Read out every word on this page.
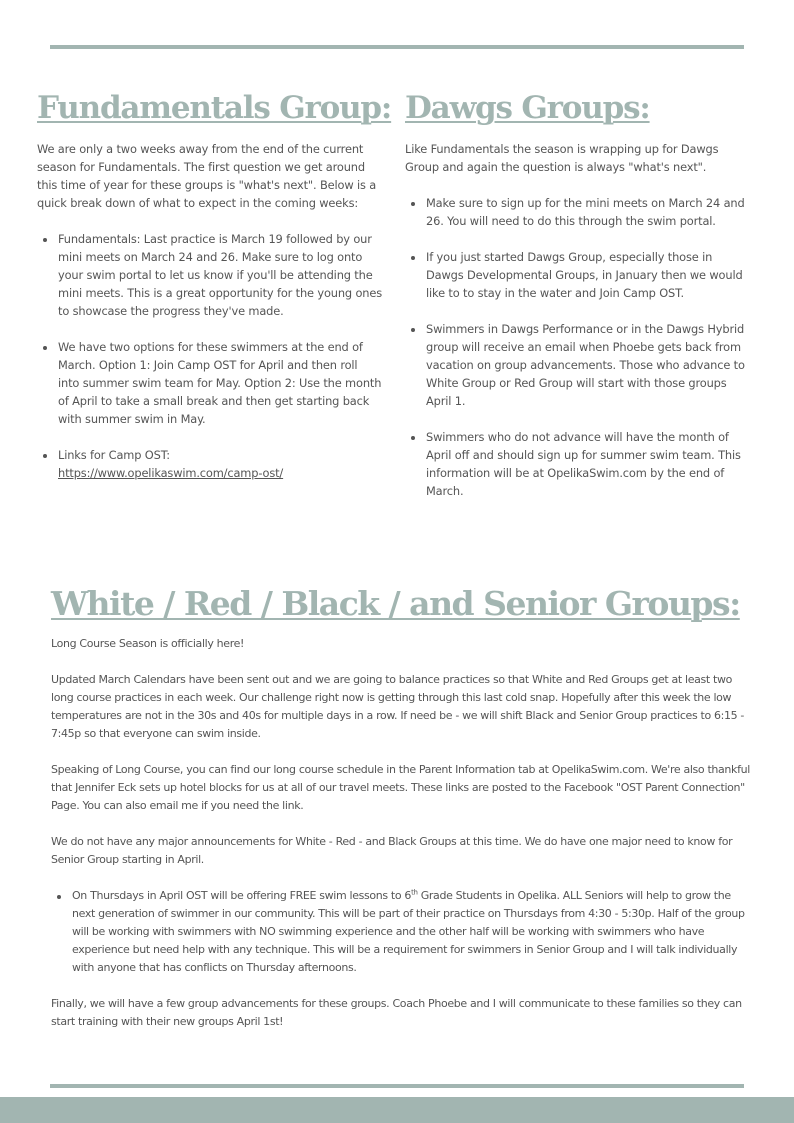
Fundamentals Group:

We are only a two weeks away from the end of the current season for Fundamentals. The first question we get around this time of year for these groups is "what's next". Below is a quick break down of what to expect in the coming weeks:

Fundamentals: Last practice is March 19 followed by our mini meets on March 24 and 26. Make sure to log onto your swim portal to let us know if you'll be attending the mini meets. This is a great opportunity for the young ones to showcase the progress they've made.
We have two options for these swimmers at the end of March. Option 1: Join Camp OST for April and then roll into summer swim team for May. Option 2: Use the month of April to take a small break and then get starting back with summer swim in May.
Links for Camp OST:
https://www.opelikaswim.com/camp-ost/
Dawgs Groups:

Like Fundamentals the season is wrapping up for Dawgs Group and again the question is always "what's next".

Make sure to sign up for the mini meets on March 24 and 26. You will need to do this through the swim portal.
If you just started Dawgs Group, especially those in Dawgs Developmental Groups, in January then we would like to to stay in the water and Join Camp OST.
Swimmers in Dawgs Performance or in the Dawgs Hybrid group will receive an email when Phoebe gets back from vacation on group advancements. Those who advance to White Group or Red Group will start with those groups April 1.
Swimmers who do not advance will have the month of April off and should sign up for summer swim team. This information will be at OpelikaSwim.com by the end of March.
White / Red / Black / and Senior Groups:

Long Course Season is officially here!

Updated March Calendars have been sent out and we are going to balance practices so that White and Red Groups get at least two long course practices in each week. Our challenge right now is getting through this last cold snap. Hopefully after this week the low temperatures are not in the 30s and 40s for multiple days in a row. If need be - we will shift Black and Senior Group practices to 6:15 - 7:45p so that everyone can swim inside.

Speaking of Long Course, you can find our long course schedule in the Parent Information tab at OpelikaSwim.com. We're also thankful that Jennifer Eck sets up hotel blocks for us at all of our travel meets. These links are posted to the Facebook "OST Parent Connection" Page. You can also email me if you need the link.

We do not have any major announcements for White - Red - and Black Groups at this time. We do have one major need to know for Senior Group starting in April.

On Thursdays in April OST will be offering FREE swim lessons to 6th Grade Students in Opelika. ALL Seniors will help to grow the next generation of swimmer in our community. This will be part of their practice on Thursdays from 4:30 - 5:30p. Half of the group will be working with swimmers with NO swimming experience and the other half will be working with swimmers who have experience but need help with any technique. This will be a requirement for swimmers in Senior Group and I will talk individually with anyone that has conflicts on Thursday afternoons.

Finally, we will have a few group advancements for these groups. Coach Phoebe and I will communicate to these families so they can start training with their new groups April 1st!
